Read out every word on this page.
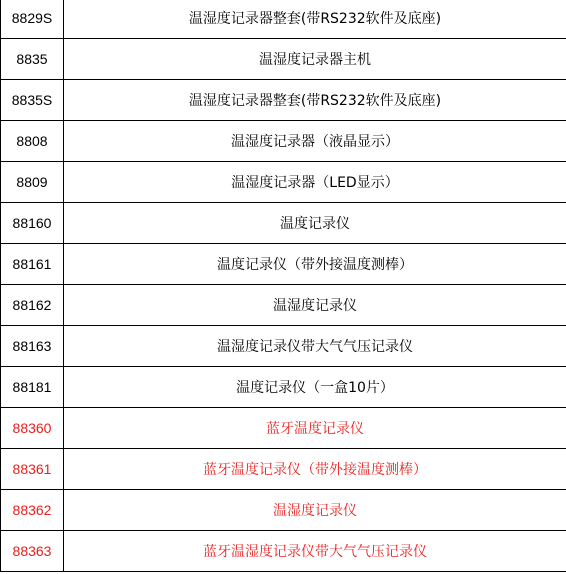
8829S	温湿度记录器整套(带RS232软件及底座)
8835	温湿度记录器主机
8835S	温湿度记录器整套(带RS232软件及底座)
8808	温湿度记录器（液晶显示）
8809	温湿度记录器（LED显示）
88160	温度记录仪
88161	温度记录仪（带外接温度测棒）
88162	温湿度记录仪
88163	温湿度记录仪带大气气压记录仪
88181	温度记录仪（一盒10片）
88360	蓝牙温度记录仪
88361	蓝牙温度记录仪（带外接温度测棒）
88362	温湿度记录仪
88363	蓝牙温湿度记录仪带大气气压记录仪
